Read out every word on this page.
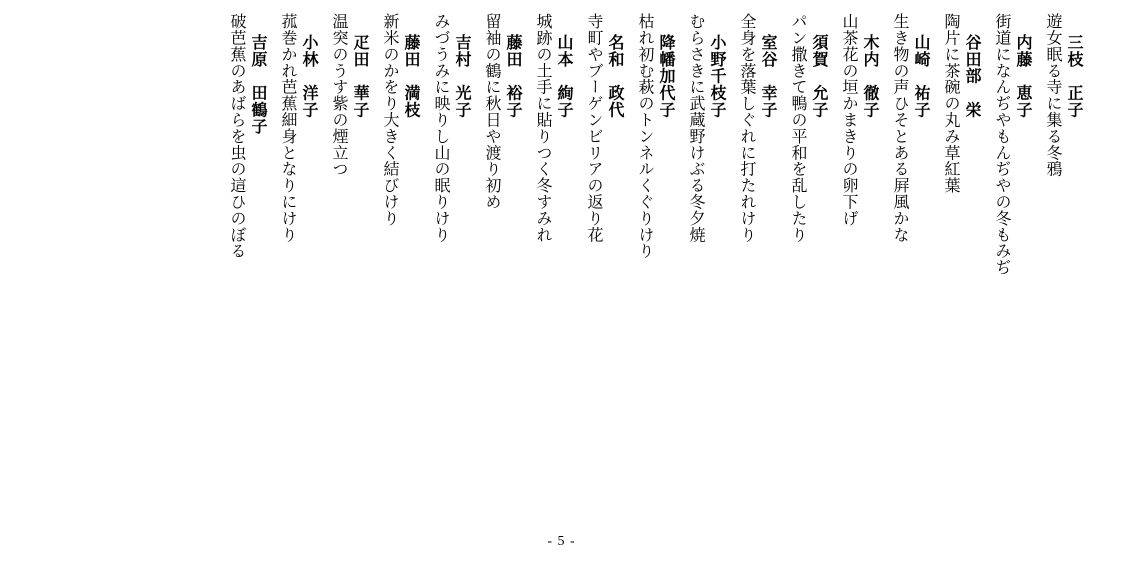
三枝　正子
遊女眠る寺に集る冬鴉
内藤　恵子
街道になんぢやもんぢやの冬もみぢ
谷田部　栄
陶片に茶碗の丸み草紅葉
山崎　祐子
生き物の声ひそとある屛風かな
木内　徹子
山茶花の垣かまきりの卵下げ
須賀　允子
パン撒きて鴨の平和を乱したり
室谷　幸子
全身を落葉しぐれに打たれけり
小野千枝子
むらさきに武蔵野けぶる冬夕焼
降幡加代子
枯れ初む萩のトンネルくぐりけり
名和　政代
寺町やブーゲンビリアの返り花
山本　絢子
城跡の土手に貼りつく冬すみれ
藤田　裕子
留袖の鶴に秋日や渡り初め
吉村　光子
みづうみに映りし山の眠りけり
藤田　満枝
新米のかをり大きく結びけり
疋田　華子
温突のうす紫の煙立つ
小林　洋子
菰巻かれ芭蕉細身となりにけり
吉原　田鶴子
破芭蕉のあばらを虫の這ひのぼる
- 5 -
